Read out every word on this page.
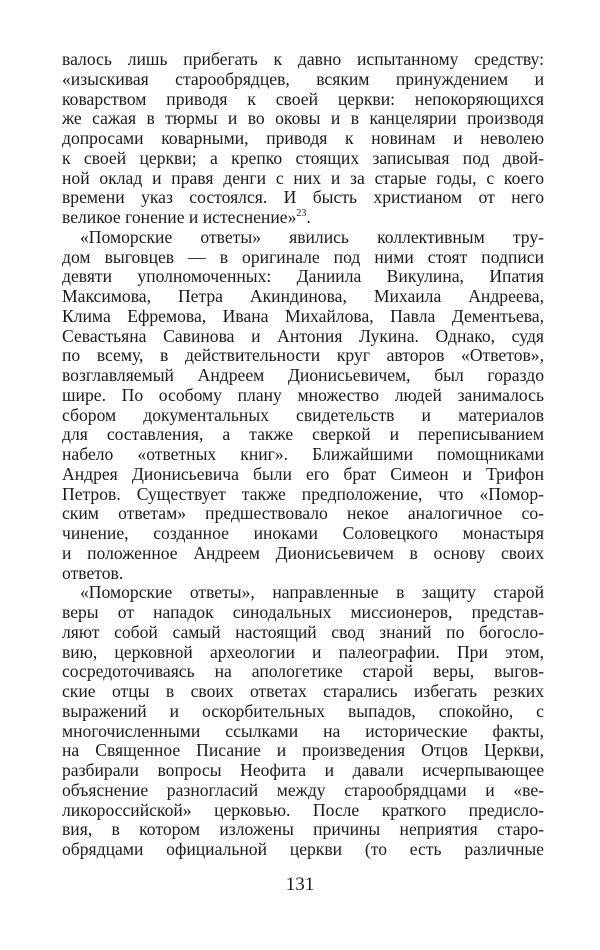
валось лишь прибегать к давно испытанному средству:
«изыскивая старообрядцев, всяким принуждением и
коварством приводя к своей церкви: непокоряющихся
же сажая в тюрмы и во оковы и в канцелярии производя
допросами коварными, приводя к новинам и неволею
к своей церкви; а крепко стоящих записывая под двой-
ной оклад и правя денги с них и за старые годы, с коего
времени указ состоялся. И бысть христианом от него
великое гонение и истеснение»$^{23}$.
«Поморские ответы» явились коллективным тру-
дом выговцев — в оригинале под ними стоят подписи
девяти уполномоченных: Даниила Викулина, Ипатия
Максимова, Петра Акиндинова, Михаила Андреева,
Клима Ефремова, Ивана Михайлова, Павла Дементьева,
Севастьяна Савинова и Антония Лукина. Однако, судя
по всему, в действительности круг авторов «Ответов»,
возглавляемый Андреем Дионисьевичем, был гораздо
шире. По особому плану множество людей занималось
сбором документальных свидетельств и материалов
для составления, а также сверкой и переписыванием
набело «ответных книг». Ближайшими помощниками
Андрея Дионисьевича были его брат Симеон и Трифон
Петров. Существует также предположение, что «Помор-
ским ответам» предшествовало некое аналогичное со-
чинение, созданное иноками Соловецкого монастыря
и положенное Андреем Дионисьевичем в основу своих
ответов.
«Поморские ответы», направленные в защиту старой
веры от нападок синодальных миссионеров, представ-
ляют собой самый настоящий свод знаний по богосло-
вию, церковной археологии и палеографии. При этом,
сосредоточиваясь на апологетике старой веры, выгов-
ские отцы в своих ответах старались избегать резких
выражений и оскорбительных выпадов, спокойно, с
многочисленными ссылками на исторические факты,
на Священное Писание и произведения Отцов Церкви,
разбирали вопросы Неофита и давали исчерпывающее
объяснение разногласий между старообрядцами и «ве-
ликороссийской» церковью. После краткого предисло-
вия, в котором изложены причины неприятия старо-
обрядцами официальной церкви (то есть различные
131
